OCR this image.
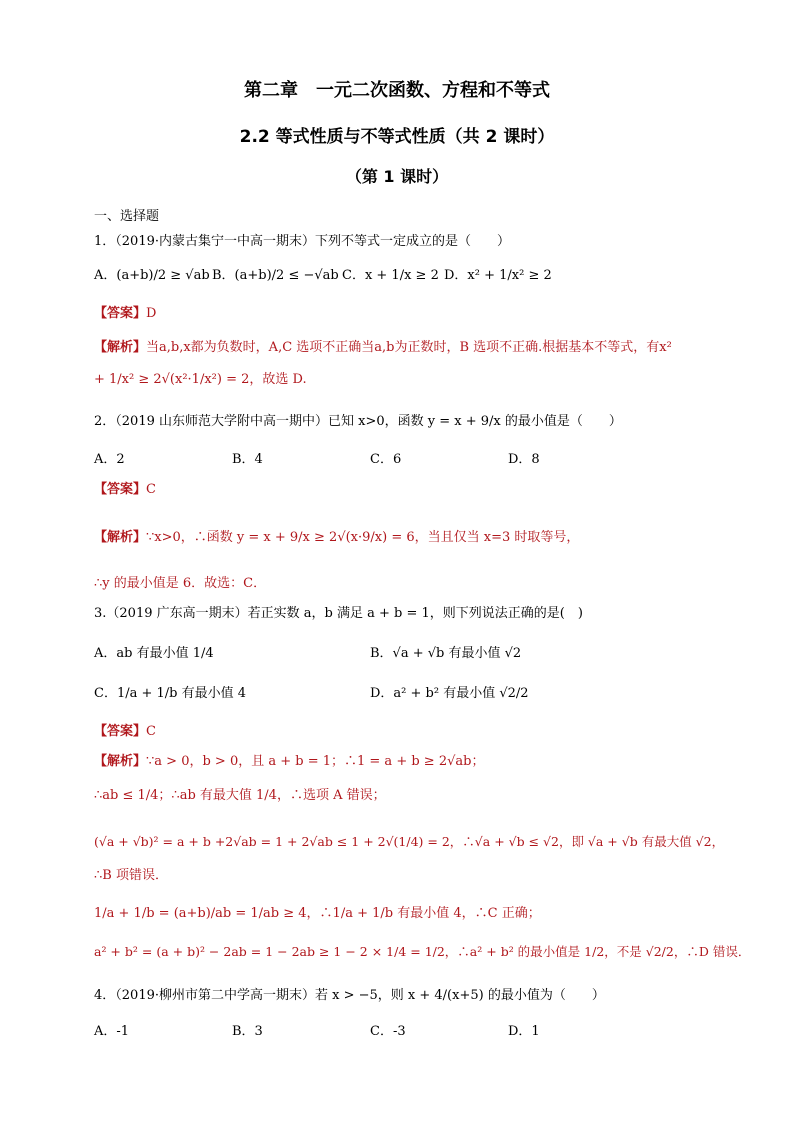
第二章　一元二次函数、方程和不等式
2.2 等式性质与不等式性质（共 2 课时）
（第 1 课时）
一、选择题
1．（2019·内蒙古集宁一中高一期末）下列不等式一定成立的是（　　）
A．(a+b)/2 ≥ √ab B．(a+b)/2 ≤ −√ab C．x + 1/x ≥ 2 D．x² + 1/x² ≥ 2
【答案】D
【解析】当a,b,x都为负数时，A,C 选项不正确当a,b为正数时，B 选项不正确.根据基本不等式，有x²
+ 1/x² ≥ 2√(x²·1/x²) = 2，故选 D.
2．（2019 山东师范大学附中高一期中）已知 x>0，函数 y = x + 9/x 的最小值是（　　）
A．2	B．4	C．6	D．8
【答案】C
【解析】∵x>0，∴函数 y = x + 9/x ≥ 2√(x·9/x) = 6，当且仅当 x=3 时取等号，
∴y 的最小值是 6．故选：C．
3.（2019 广东高一期末）若正实数 a，b 满足 a + b = 1，则下列说法正确的是(　)
A．ab 有最小值 1/4	B．√a + √b 有最小值 √2
C．1/a + 1/b 有最小值 4	D．a² + b² 有最小值 √2/2
【答案】C
【解析】∵a > 0，b > 0，且 a + b = 1；∴1 = a + b ≥ 2√ab；
∴ab ≤ 1/4；∴ab 有最大值 1/4，∴选项 A 错误；
(√a + √b)² = a + b +2√ab = 1 + 2√ab ≤ 1 + 2√(1/4) = 2，∴√a + √b ≤ √2，即 √a + √b 有最大值 √2，
∴B 项错误．
1/a + 1/b = (a+b)/ab = 1/ab ≥ 4，∴1/a + 1/b 有最小值 4，∴C 正确；
a² + b² = (a + b)² − 2ab = 1 − 2ab ≥ 1 − 2 × 1/4 = 1/2，∴a² + b² 的最小值是 1/2，不是 √2/2，∴D 错误．
4．（2019·柳州市第二中学高一期末）若 x > −5，则 x + 4/(x+5) 的最小值为（　　）
A．-1	B．3	C．-3	D．1
